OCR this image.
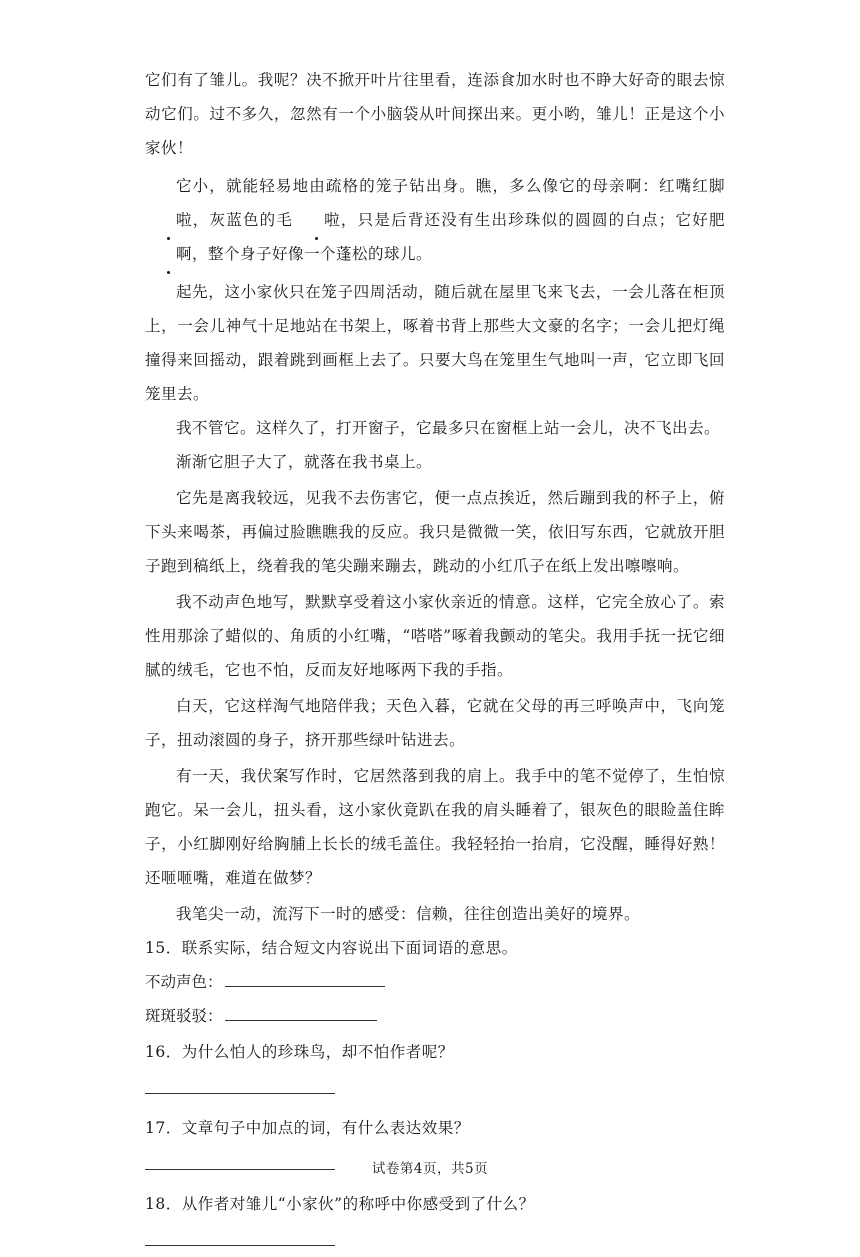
它们有了雏儿。我呢？决不掀开叶片往里看，连添食加水时也不睁大好奇的眼去惊动它们。过不多久，忽然有一个小脑袋从叶间探出来。更小哟，雏儿！正是这个小家伙！

它小，就能轻易地由疏格的笼子钻出身。瞧，多么像它的母亲啊：红嘴红脚啦，灰蓝色的毛 啦，只是后背还没有生出珍珠似的圆圆的白点；它好肥啊，整个身子好像一个蓬松的球儿。

起先，这小家伙只在笼子四周活动，随后就在屋里飞来飞去，一会儿落在柜顶上，一会儿神气十足地站在书架上，啄着书背上那些大文豪的名字；一会儿把灯绳撞得来回摇动，跟着跳到画框上去了。只要大鸟在笼里生气地叫一声，它立即飞回笼里去。

我不管它。这样久了，打开窗子，它最多只在窗框上站一会儿，决不飞出去。

渐渐它胆子大了，就落在我书桌上。

它先是离我较远，见我不去伤害它，便一点点挨近，然后蹦到我的杯子上，俯下头来喝茶，再偏过脸瞧瞧我的反应。我只是微微一笑，依旧写东西，它就放开胆子跑到稿纸上，绕着我的笔尖蹦来蹦去，跳动的小红爪子在纸上发出嚓嚓响。

我不动声色地写，默默享受着这小家伙亲近的情意。这样，它完全放心了。索性用那涂了蜡似的、角质的小红嘴，“嗒嗒”啄着我颤动的笔尖。我用手抚一抚它细腻的绒毛，它也不怕，反而友好地啄两下我的手指。

白天，它这样淘气地陪伴我；天色入暮，它就在父母的再三呼唤声中，飞向笼子，扭动滚圆的身子，挤开那些绿叶钻进去。

有一天，我伏案写作时，它居然落到我的肩上。我手中的笔不觉停了，生怕惊跑它。呆一会儿，扭头看，这小家伙竟趴在我的肩头睡着了，银灰色的眼睑盖住眸子，小红脚刚好给胸脯上长长的绒毛盖住。我轻轻抬一抬肩，它没醒，睡得好熟！还咂咂嘴，难道在做梦？

我笔尖一动，流泻下一时的感受：信赖，往往创造出美好的境界。

15．联系实际，结合短文内容说出下面词语的意思。

不动声色：
斑斑驳驳：

16．为什么怕人的珍珠鸟，却不怕作者呢？

17．文章句子中加点的词，有什么表达效果？

18．从作者对雏儿“小家伙”的称呼中你感受到了什么？

试卷第4页，共5页
